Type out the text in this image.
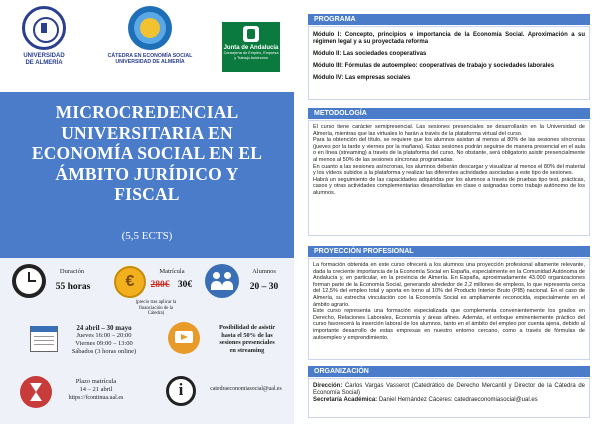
UNIVERSIDAD
DE ALMERÍA
CÁTEDRA EN ECONOMÍA SOCIAL
UNIVERSIDAD DE ALMERÍA
Junta de Andalucía
Consejería de Empleo, Empresa
y Trabajo Autónomo
MICROCREDENCIAL
UNIVERSITARIA EN
ECONOMÍA SOCIAL EN EL
ÁMBITO JURÍDICO Y
FISCAL
(5,5 ECTS)
Duración
55 horas	€
Matrícula
280€ 30€
(precio tras aplicar la
financiación de la
Cátedra)
Alumnos
20 – 30
24 abril – 30 mayo
Jueves 16:00 – 20:00
Viernes 09:00 – 13:00
Sábados (3 horas online)
Posibilidad de asistir
hasta el 50% de las
sesiones presenciales
en streaming
Plazo matrícula
14 – 21 abril
https://fcontinua.ual.es	i	catedraeconomiasocial@ual.es
PROGRAMA

Módulo I: Concepto, principios e importancia de la Economía Social. Aproximación a su régimen legal y a su proyectada reforma

Módulo II: Las sociedades cooperativas

Módulo III: Fórmulas de autoempleo: cooperativas de trabajo y sociedades laborales

Módulo IV: Las empresas sociales

METODOLOGÍA

El curso tiene carácter semipresencial. Las sesiones presenciales se desarrollarán en la Universidad de Almería, mientras que las virtuales lo harán a través de la plataforma virtual del curso.

Para la obtención del título, se requiere que los alumnos asistan al menos al 80% de las sesiones síncronas (jueves por la tarde y viernes por la mañana). Estas sesiones podrán seguirse de manera presencial en el aula o en línea (streaming) a través de la plataforma del curso. No obstante, será obligatorio asistir presencialmente al menos al 50% de las sesiones síncronas programadas.

En cuanto a las sesiones asíncronas, los alumnos deberán descargar y visualizar al menos el 80% del material y los vídeos subidos a la plataforma y realizar las diferentes actividades asociadas a este tipo de sesiones.

Habrá un seguimiento de las capacidades adquiridas por los alumnos a través de pruebas tipo test, prácticas, casos y otras actividades complementarias desarrolladas en clase o asignadas como trabajo autónomo de los alumnos.

PROYECCIÓN PROFESIONAL

La formación obtenida en este curso ofrecerá a los alumnos una proyección profesional altamente relevante, dada la creciente importancia de la Economía Social en España, especialmente en la Comunidad Autónoma de Andalucía y, en particular, en la provincia de Almería. En España, aproximadamente 43.000 organizaciones forman parte de la Economía Social, generando alrededor de 2,2 millones de empleos, lo que representa cerca del 12,5% del empleo total y aporta en torno al 10% del Producto Interior Bruto (PIB) nacional. En el caso de Almería, su estrecha vinculación con la Economía Social es ampliamente reconocida, especialmente en el ámbito agrario.

Este curso representa una formación especializada que complementa convenientemente los grados en Derecho, Relaciones Laborales, Economía y áreas afines. Además, el enfoque eminentemente práctico del curso favorecerá la inserción laboral de los alumnos, tanto en el ámbito del empleo por cuenta ajena, debido al importante desarrollo de estas empresas en nuestro entorno cercano, como a través de fórmulas de autoempleo y emprendimiento.

ORGANIZACIÓN

Dirección: Carlos Vargas Vasserot (Catedrático de Derecho Mercantil y Director de la Cátedra de Economía Social)

Secretaría Académica: Daniel Hernández Cáceres: catedraeconomiasocial@ual.es
